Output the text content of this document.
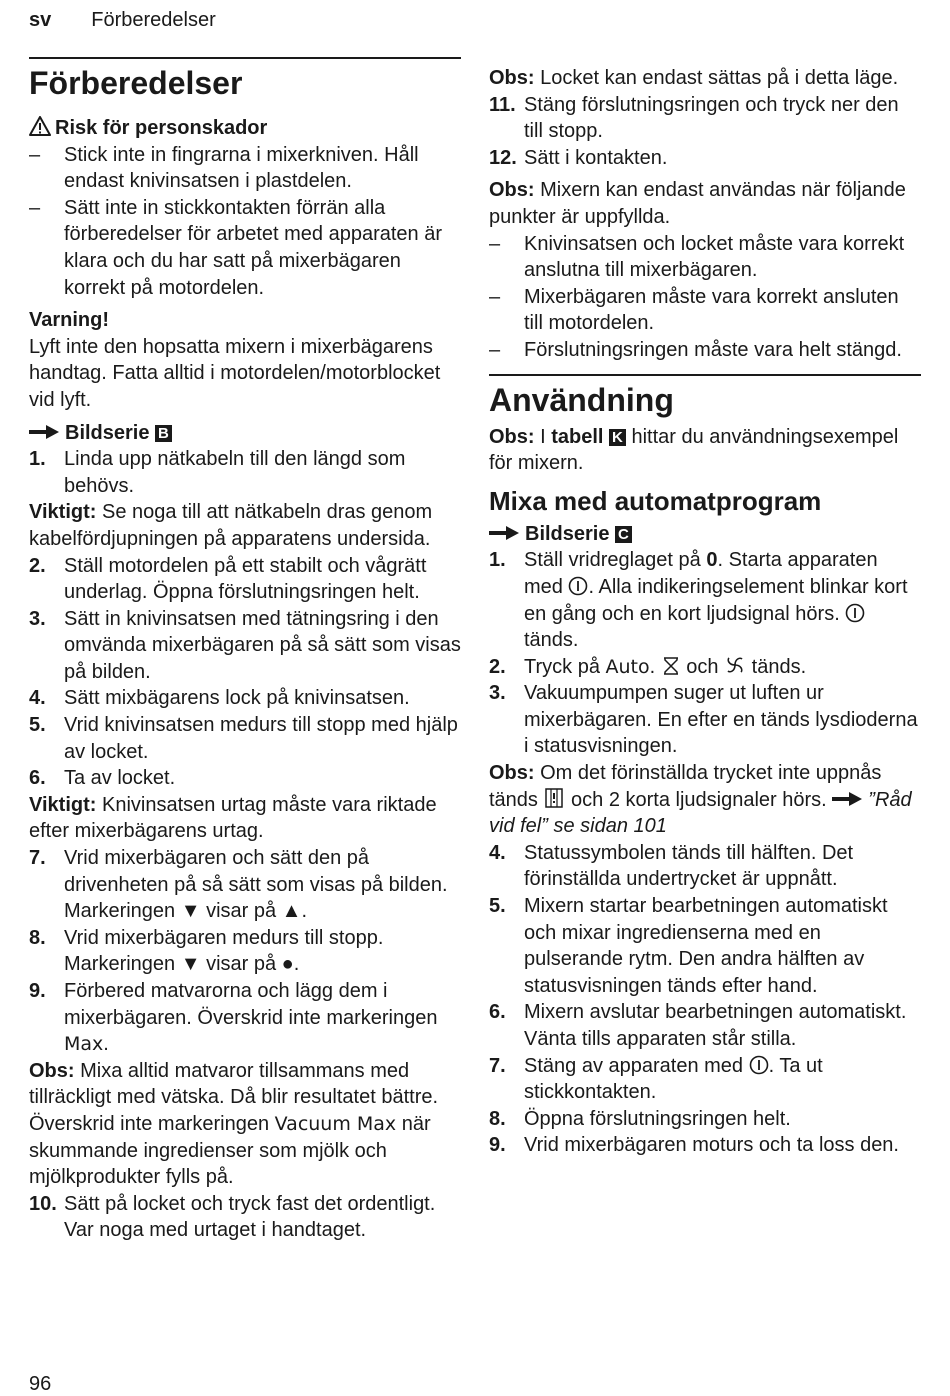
sv Förberedelser
Förberedelser
Risk för personskador
–	Stick inte in fingrarna i mixerkniven. Håll endast knivinsatsen i plastdelen.
–	Sätt inte in stickkontakten förrän alla förberedelser för arbetet med apparaten är klara och du har satt på mixerbägaren korrekt på motordelen.

Varning!

Lyft inte den hopsatta mixern i mixerbägarens handtag. Fatta alltid i motordelen/motorblocket vid lyft.

Bildserie B
1. Linda upp nätkabeln till den längd som behövs.

Viktigt: Se noga till att nätkabeln dras genom kabelfördjupningen på apparatens undersida.

2. Ställ motordelen på ett stabilt och vågrätt underlag. Öppna förslutningsringen helt.
3. Sätt in knivinsatsen med tätningsring i den omvända mixerbägaren på så sätt som visas på bilden.
4. Sätt mixbägarens lock på knivinsatsen.
5. Vrid knivinsatsen medurs till stopp med hjälp av locket.
6. Ta av locket.

Viktigt: Knivinsatsen urtag måste vara riktade efter mixerbägarens urtag.

7. Vrid mixerbägaren och sätt den på drivenheten på så sätt som visas på bilden. Markeringen ▼ visar på ▲.
8. Vrid mixerbägaren medurs till stopp. Markeringen ▼ visar på ●.
9. Förbered matvarorna och lägg dem i mixerbägaren. Överskrid inte markeringen Max.

Obs: Mixa alltid matvaror tillsammans med tillräckligt med vätska. Då blir resultatet bättre. Överskrid inte markeringen Vacuum Max när skummande ingredienser som mjölk och mjölkprodukter fylls på.

10. Sätt på locket och tryck fast det ordentligt. Var noga med urtaget i handtaget.

Obs: Locket kan endast sättas på i detta läge.

11. Stäng förslutningsringen och tryck ner den till stopp.
12. Sätt i kontakten.

Obs: Mixern kan endast användas när följande punkter är uppfyllda.

–	Knivinsatsen och locket måste vara korrekt anslutna till mixerbägaren.
–	Mixerbägaren måste vara korrekt ansluten till motordelen.
–	Förslutningsringen måste vara helt stängd.
Användning

Obs: I tabell K hittar du användningsexempel för mixern.

Mixa med automatprogram
Bildserie C
1. Ställ vridreglaget på 0. Starta apparaten med . Alla indikeringselement blinkar kort en gång och en kort ljudsignal hörs.  tänds.
2. Tryck på Auto.  och  tänds.
3. Vakuumpumpen suger ut luften ur mixerbägaren. En efter en tänds lysdioderna i statusvisningen.

Obs: Om det förinställda trycket inte uppnås tänds  och 2 korta ljudsignaler hörs. ”Råd vid fel” se sidan 101

4. Statussymbolen tänds till hälften. Det förinställda undertrycket är uppnått.
5. Mixern startar bearbetningen automatiskt och mixar ingredienserna med en pulserande rytm. Den andra hälften av statusvisningen tänds efter hand.
6. Mixern avslutar bearbetningen automatiskt. Vänta tills apparaten står stilla.
7. Stäng av apparaten med . Ta ut stickkontakten.
8. Öppna förslutningsringen helt.
9. Vrid mixerbägaren moturs och ta loss den.
96
